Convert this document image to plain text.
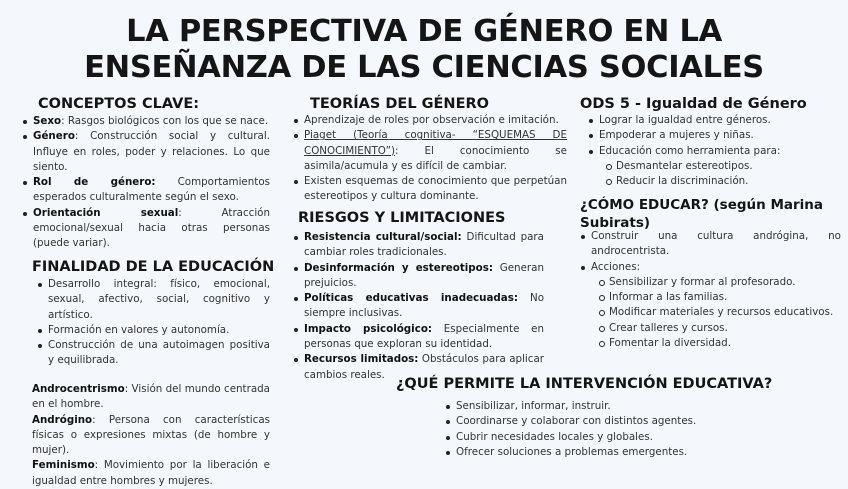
LA PERSPECTIVA DE GÉNERO EN LA
ENSEÑANZA DE LAS CIENCIAS SOCIALES
CONCEPTOS CLAVE:
Sexo: Rasgos biológicos con los que se nace.
Género: Construcción social y cultural. Influye en roles, poder y relaciones. Lo que siento.
Rol de género: Comportamientos esperados culturalmente según el sexo.
Orientación sexual: Atracción emocional/sexual hacia otras personas (puede variar).
FINALIDAD DE LA EDUCACIÓN
Desarrollo integral: físico, emocional, sexual, afectivo, social, cognitivo y artístico.
Formación en valores y autonomía.
Construcción de una autoimagen positiva y equilibrada.

Androcentrismo: Visión del mundo centrada en el hombre.

Andrógino: Persona con características físicas o expresiones mixtas (de hombre y mujer).

Feminismo: Movimiento por la liberación e igualdad entre hombres y mujeres.

TEORÍAS DEL GÉNERO
Aprendizaje de roles por observación e imitación.
Piaget (Teoría cognitiva- “ESQUEMAS DE CONOCIMIENTO”): El conocimiento se asimila/acumula y es difícil de cambiar.
Existen esquemas de conocimiento que perpetúan estereotipos y cultura dominante.
RIESGOS Y LIMITACIONES
Resistencia cultural/social: Dificultad para cambiar roles tradicionales.
Desinformación y estereotipos: Generan prejuicios.
Políticas educativas inadecuadas: No siempre inclusivas.
Impacto psicológico: Especialmente en personas que exploran su identidad.
Recursos limitados: Obstáculos para aplicar cambios reales.
ODS 5 - Igualdad de Género
Lograr la igualdad entre géneros.
Empoderar a mujeres y niñas.
Educación como herramienta para:
Desmantelar estereotipos.
Reducir la discriminación.
¿CÓMO EDUCAR? (según Marina Subirats)
Construir una cultura andrógina, no androcentrista.
Acciones:
Sensibilizar y formar al profesorado.
Informar a las familias.
Modificar materiales y recursos educativos.
Crear talleres y cursos.
Fomentar la diversidad.
¿QUÉ PERMITE LA INTERVENCIÓN EDUCATIVA?
Sensibilizar, informar, instruir.
Coordinarse y colaborar con distintos agentes.
Cubrir necesidades locales y globales.
Ofrecer soluciones a problemas emergentes.
